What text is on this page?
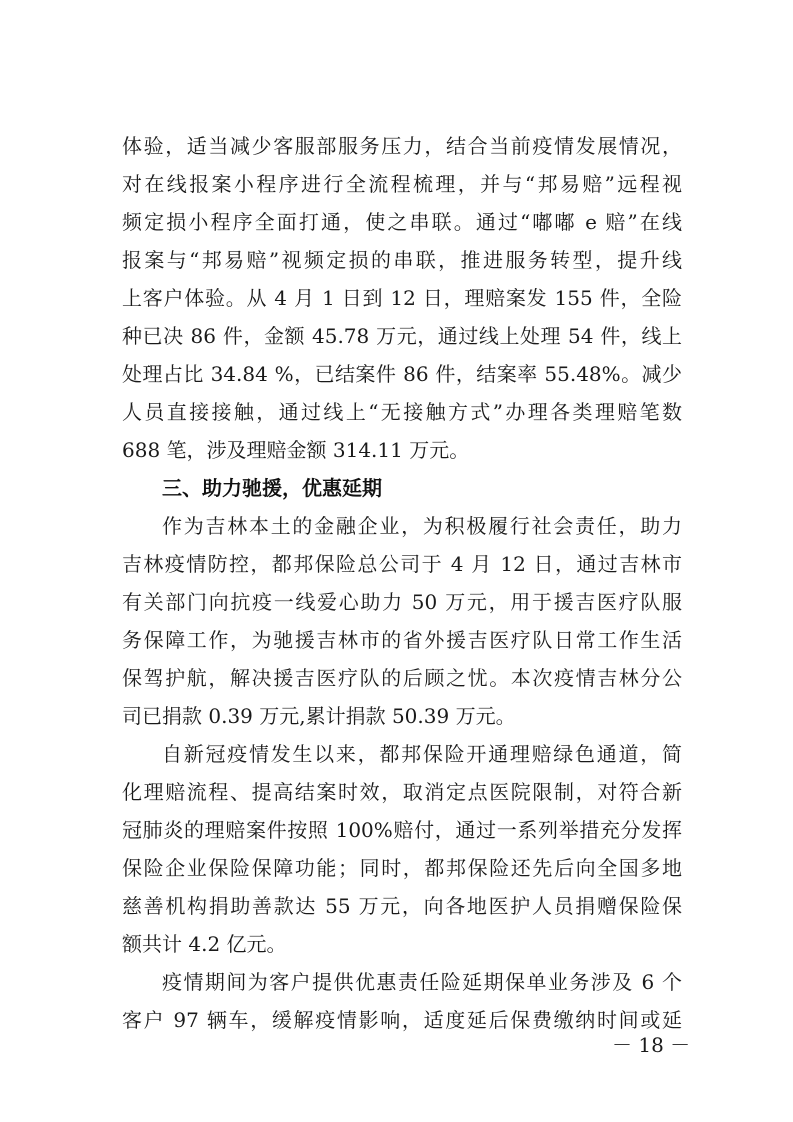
体验，适当减少客服部服务压力，结合当前疫情发展情况，
对在线报案小程序进行全流程梳理，并与“邦易赔”远程视
频定损小程序全面打通，使之串联。通过“嘟嘟 e 赔”在线
报案与“邦易赔”视频定损的串联，推进服务转型，提升线
上客户体验。从 4 月 1 日到 12 日，理赔案发 155 件，全险
种已决 86 件，金额 45.78 万元，通过线上处理 54 件，线上
处理占比 34.84 %，已结案件 86 件，结案率 55.48%。减少
人员直接接触，通过线上“无接触方式”办理各类理赔笔数
688 笔，涉及理赔金额 314.11 万元。
三、助力驰援，优惠延期
作为吉林本土的金融企业，为积极履行社会责任，助力
吉林疫情防控，都邦保险总公司于 4 月 12 日，通过吉林市
有关部门向抗疫一线爱心助力 50 万元，用于援吉医疗队服
务保障工作，为驰援吉林市的省外援吉医疗队日常工作生活
保驾护航，解决援吉医疗队的后顾之忧。本次疫情吉林分公
司已捐款 0.39 万元,累计捐款 50.39 万元。
自新冠疫情发生以来，都邦保险开通理赔绿色通道，简
化理赔流程、提高结案时效，取消定点医院限制，对符合新
冠肺炎的理赔案件按照 100%赔付，通过一系列举措充分发挥
保险企业保险保障功能；同时，都邦保险还先后向全国多地
慈善机构捐助善款达 55 万元，向各地医护人员捐赠保险保
额共计 4.2 亿元。
疫情期间为客户提供优惠责任险延期保单业务涉及 6 个
客户 97 辆车，缓解疫情影响，适度延后保费缴纳时间或延
－ 18 －
